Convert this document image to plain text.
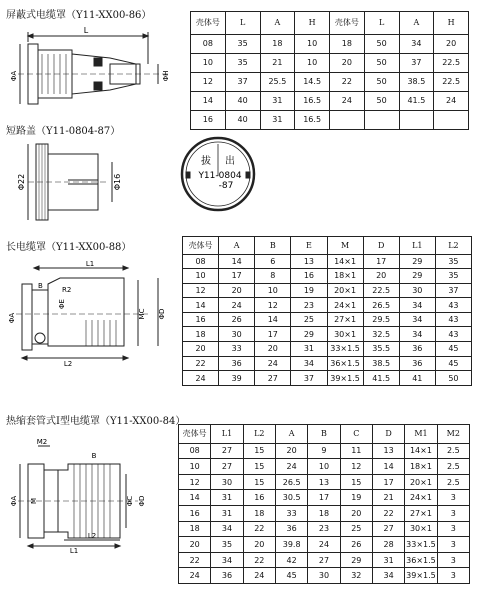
屏蔽式电缆罩（Y11-XX00-86）
L
ΦA	ΦH
壳体号	L	A	H	壳体号	L	A	H
08	35	18	10	18	50	34	20
10	35	21	10	20	50	37	22.5
12	37	25.5	14.5	22	50	38.5	22.5
14	40	31	16.5	24	50	41.5	24
16	40	31	16.5				
短路盖（Y11-0804-87）
Φ22	Φ16
拔 出
Y11-0804
-87
长电缆罩（Y11-XX00-88）
L1
L2
ΦA
B
ΦE
R2
MC ΦD
壳体号	A	B	E	M	D	L1	L2
08	14	6	13	14×1	17	29	35
10	17	8	16	18×1	20	29	35
12	20	10	19	20×1	22.5	30	37
14	24	12	23	24×1	26.5	34	43
16	26	14	25	27×1	29.5	34	43
18	30	17	29	30×1	32.5	34	43
20	33	20	31	33×1.5	35.5	36	45
22	36	24	34	36×1.5	38.5	36	45
24	39	27	37	39×1.5	41.5	41	50
热缩套管式I型电缆罩（Y11-XX00-84）
M2
ΦA M
B
ΦC ΦD
L1
L2
壳体号	L1	L2	A	B	C	D	M1	M2
08	27	15	20	9	11	13	14×1	2.5
10	27	15	24	10	12	14	18×1	2.5
12	30	15	26.5	13	15	17	20×1	2.5
14	31	16	30.5	17	19	21	24×1	3
16	31	18	33	18	20	22	27×1	3
18	34	22	36	23	25	27	30×1	3
20	35	20	39.8	24	26	28	33×1.5	3
22	34	22	42	27	29	31	36×1.5	3
24	36	24	45	30	32	34	39×1.5	3
